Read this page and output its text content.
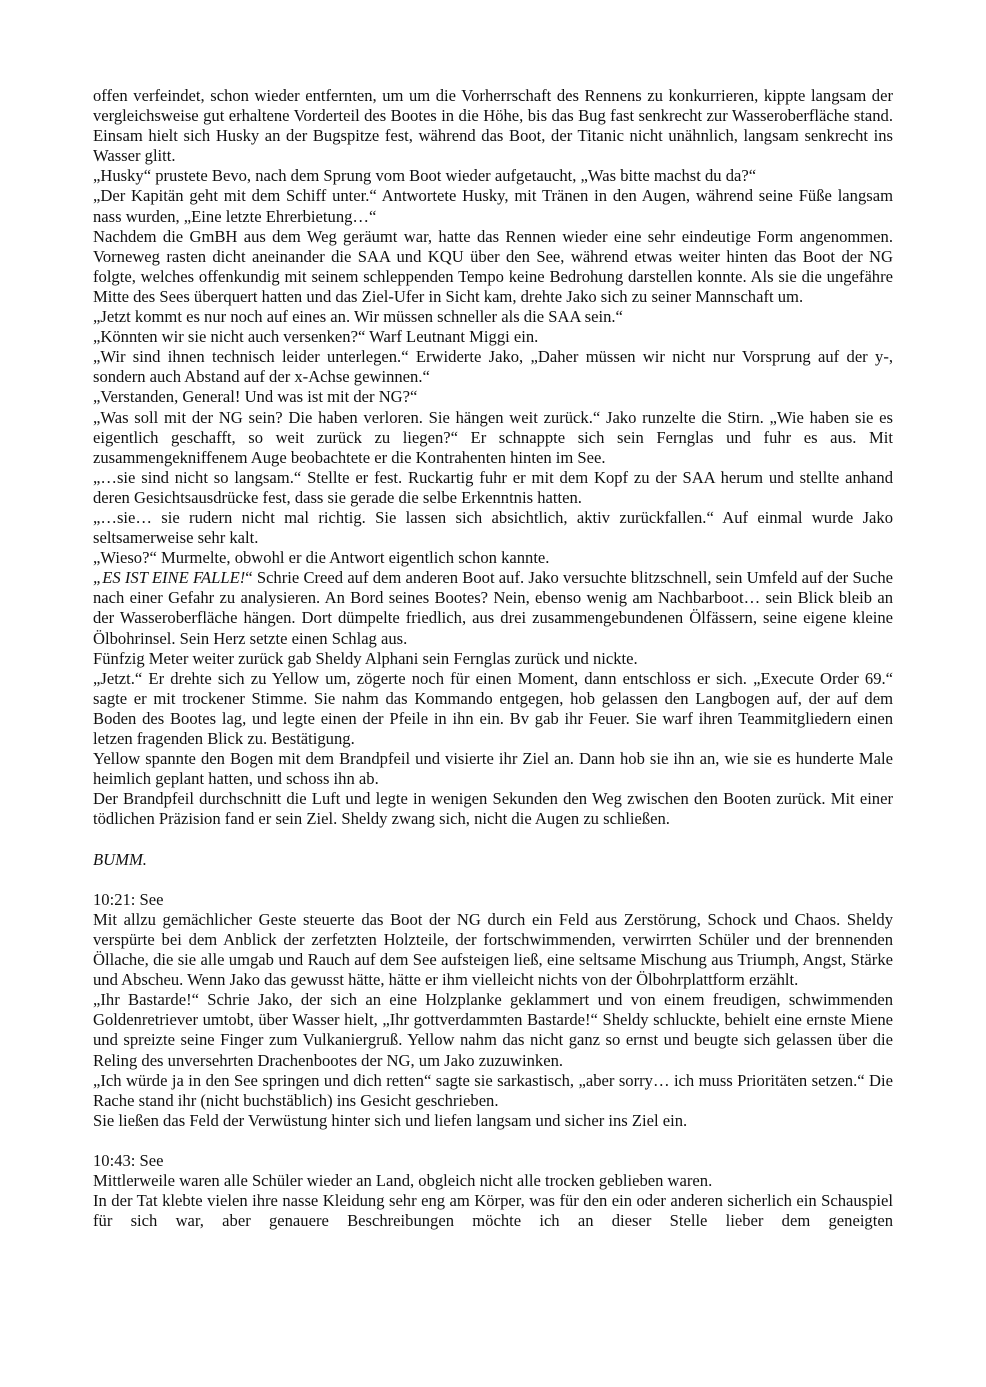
offen verfeindet, schon wieder entfernten, um um die Vorherrschaft des Rennens zu konkurrieren, kippte langsam der vergleichsweise gut erhaltene Vorderteil des Bootes in die Höhe, bis das Bug fast senkrecht zur Wasseroberfläche stand. Einsam hielt sich Husky an der Bugspitze fest, während das Boot, der Titanic nicht unähnlich, langsam senkrecht ins Wasser glitt.

„Husky“ prustete Bevo, nach dem Sprung vom Boot wieder aufgetaucht, „Was bitte machst du da?“

„Der Kapitän geht mit dem Schiff unter.“ Antwortete Husky, mit Tränen in den Augen, während seine Füße langsam nass wurden, „Eine letzte Ehrerbietung…“

Nachdem die GmBH aus dem Weg geräumt war, hatte das Rennen wieder eine sehr eindeutige Form angenommen. Vorneweg rasten dicht aneinander die SAA und KQU über den See, während etwas weiter hinten das Boot der NG folgte, welches offenkundig mit seinem schleppenden Tempo keine Bedrohung darstellen konnte. Als sie die ungefähre Mitte des Sees überquert hatten und das Ziel-Ufer in Sicht kam, drehte Jako sich zu seiner Mannschaft um.

„Jetzt kommt es nur noch auf eines an. Wir müssen schneller als die SAA sein.“

„Könnten wir sie nicht auch versenken?“ Warf Leutnant Miggi ein.

„Wir sind ihnen technisch leider unterlegen.“ Erwiderte Jako, „Daher müssen wir nicht nur Vorsprung auf der y-, sondern auch Abstand auf der x-Achse gewinnen.“

„Verstanden, General! Und was ist mit der NG?“

„Was soll mit der NG sein? Die haben verloren. Sie hängen weit zurück.“ Jako runzelte die Stirn. „Wie haben sie es eigentlich geschafft, so weit zurück zu liegen?“ Er schnappte sich sein Fernglas und fuhr es aus. Mit zusammengekniffenem Auge beobachtete er die Kontrahenten hinten im See.

„…sie sind nicht so langsam.“ Stellte er fest. Ruckartig fuhr er mit dem Kopf zu der SAA herum und stellte anhand deren Gesichtsausdrücke fest, dass sie gerade die selbe Erkenntnis hatten.

„…sie… sie rudern nicht mal richtig. Sie lassen sich absichtlich, aktiv zurückfallen.“ Auf einmal wurde Jako seltsamerweise sehr kalt.

„Wieso?“ Murmelte, obwohl er die Antwort eigentlich schon kannte.

„ES IST EINE FALLE!“ Schrie Creed auf dem anderen Boot auf. Jako versuchte blitzschnell, sein Umfeld auf der Suche nach einer Gefahr zu analysieren. An Bord seines Bootes? Nein, ebenso wenig am Nachbarboot… sein Blick bleib an der Wasseroberfläche hängen. Dort dümpelte friedlich, aus drei zusammengebundenen Ölfässern, seine eigene kleine Ölbohrinsel. Sein Herz setzte einen Schlag aus.

Fünfzig Meter weiter zurück gab Sheldy Alphani sein Fernglas zurück und nickte.

„Jetzt.“ Er drehte sich zu Yellow um, zögerte noch für einen Moment, dann entschloss er sich. „Execute Order 69.“ sagte er mit trockener Stimme. Sie nahm das Kommando entgegen, hob gelassen den Langbogen auf, der auf dem Boden des Bootes lag, und legte einen der Pfeile in ihn ein. Bv gab ihr Feuer. Sie warf ihren Teammitgliedern einen letzen fragenden Blick zu. Bestätigung.

Yellow spannte den Bogen mit dem Brandpfeil und visierte ihr Ziel an. Dann hob sie ihn an, wie sie es hunderte Male heimlich geplant hatten, und schoss ihn ab.

Der Brandpfeil durchschnitt die Luft und legte in wenigen Sekunden den Weg zwischen den Booten zurück. Mit einer tödlichen Präzision fand er sein Ziel. Sheldy zwang sich, nicht die Augen zu schließen.

BUMM.

10:21: See

Mit allzu gemächlicher Geste steuerte das Boot der NG durch ein Feld aus Zerstörung, Schock und Chaos. Sheldy verspürte bei dem Anblick der zerfetzten Holzteile, der fortschwimmenden, verwirrten Schüler und der brennenden Öllache, die sie alle umgab und Rauch auf dem See aufsteigen ließ, eine seltsame Mischung aus Triumph, Angst, Stärke und Abscheu. Wenn Jako das gewusst hätte, hätte er ihm vielleicht nichts von der Ölbohrplattform erzählt.

„Ihr Bastarde!“ Schrie Jako, der sich an eine Holzplanke geklammert und von einem freudigen, schwimmenden Goldenretriever umtobt, über Wasser hielt, „Ihr gottverdammten Bastarde!“ Sheldy schluckte, behielt eine ernste Miene und spreizte seine Finger zum Vulkaniergruß. Yellow nahm das nicht ganz so ernst und beugte sich gelassen über die Reling des unversehrten Drachenbootes der NG, um Jako zuzuwinken.

„Ich würde ja in den See springen und dich retten“ sagte sie sarkastisch, „aber sorry… ich muss Prioritäten setzen.“ Die Rache stand ihr (nicht buchstäblich) ins Gesicht geschrieben.

Sie ließen das Feld der Verwüstung hinter sich und liefen langsam und sicher ins Ziel ein.

10:43: See

Mittlerweile waren alle Schüler wieder an Land, obgleich nicht alle trocken geblieben waren.

In der Tat klebte vielen ihre nasse Kleidung sehr eng am Körper, was für den ein oder anderen sicherlich ein Schauspiel für sich war, aber genauere Beschreibungen möchte ich an dieser Stelle lieber dem geneigten
